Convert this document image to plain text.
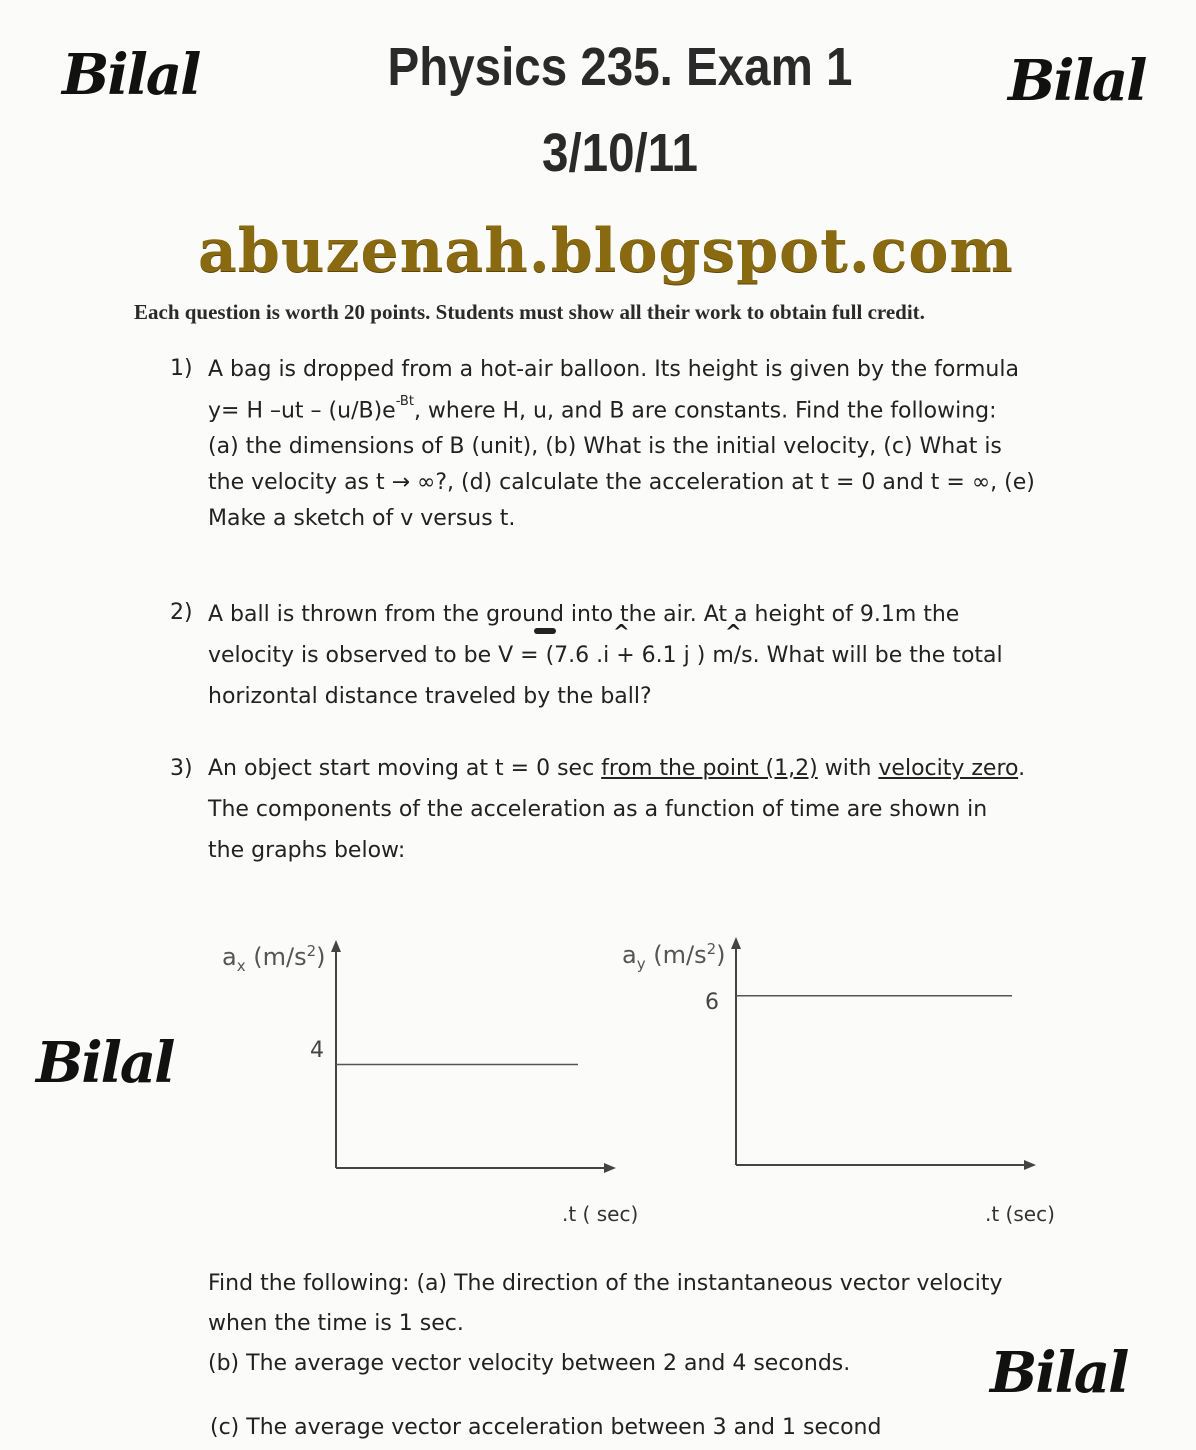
Bilal	Bilal
Bilal
Bilal
Physics 235. Exam 1
3/10/11
abuzenah.blogspot.com
Each question is worth 20 points. Students must show all their work to obtain full credit.
1) A bag is dropped from a hot-air balloon. Its height is given by the formula
y= H $-ut - (u/B)e^{-Bt}$, where H, u, and B are constants. Find the following:
(a) the dimensions of B (unit), (b) What is the initial velocity, (c) What is
the velocity as t → ∞?, (d) calculate the acceleration at t = 0 and t = ∞, (e)
Make a sketch of v versus t.
2) A ball is thrown from the ground into the air. At a height of 9.1m the
velocity is observed to be V = (7.6 .i + 6.1 j ) m/s. What will be the total
horizontal distance traveled by the ball?
^	^
3) An object start moving at t = 0 sec from the point (1,2) with velocity zero.
The components of the acceleration as a function of time are shown in
the graphs below:
$a_x$ $(m/s^2)$
4
.t ( sec)
$a_y$ $(m/s^2)$
6
.t (sec)
Find the following: (a) The direction of the instantaneous vector velocity
when the time is 1 sec.
(b) The average vector velocity between 2 and 4 seconds.
(c) The average vector acceleration between 3 and 1 second
